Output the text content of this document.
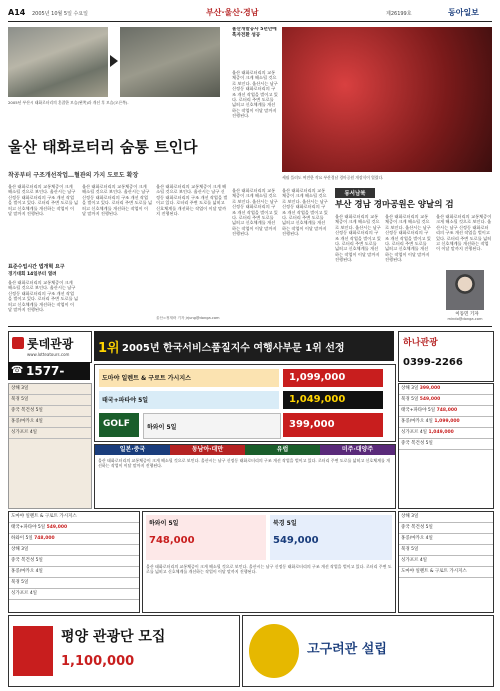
A14 2005년 10월 5일 수요일	부산·울산·경남	제26199호	동아일보
2005년 부산시 태화로터리의 혼잡한 모습(왼쪽)과 개선 후 모습(오른쪽).
울산 태화로터리 숨통 트인다
착공부터 구조개선작업…혈관의 가지 도로도 확장
울산 태화로터리의 교통체증이 크게 해소될 것으로 보인다. 울산시는 남구 신정동 태화로터리의 구조 개선 작업을 벌이고 있다. 로터리 주변 도로를 넓히고 신호체계를 개선하는 작업이 이달 말까지 진행된다.
울산 태화로터리의 교통체증이 크게 해소될 것으로 보인다. 울산시는 남구 신정동 태화로터리의 구조 개선 작업을 벌이고 있다. 로터리 주변 도로를 넓히고 신호체계를 개선하는 작업이 이달 말까지 진행된다.
울산 태화로터리의 교통체증이 크게 해소될 것으로 보인다. 울산시는 남구 신정동 태화로터리의 구조 개선 작업을 벌이고 있다. 로터리 주변 도로를 넓히고 신호체계를 개선하는 작업이 이달 말까지 진행된다.
표준수업시간 법개혁 요구
경기대회 14일부터 열려
울산 태화로터리의 교통체증이 크게 해소될 것으로 보인다. 울산시는 남구 신정동 태화로터리의 구조 개선 작업을 벌이고 있다. 로터리 주변 도로를 넓히고 신호체계를 개선하는 작업이 이달 말까지 진행된다.
울산=정재락 기자 jrjung@donga.com
울산개발공사 5년만에 흑자전환 성공
울산 태화로터리의 교통체증이 크게 해소될 것으로 보인다. 울산시는 남구 신정동 태화로터리의 구조 개선 작업을 벌이고 있다. 로터리 주변 도로를 넓히고 신호체계를 개선하는 작업이 이달 말까지 진행된다.
세필 플러도 여전한 작요 부산경남 경마공원 개장식이 열렸다.
울산 태화로터리의 교통체증이 크게 해소될 것으로 보인다. 울산시는 남구 신정동 태화로터리의 구조 개선 작업을 벌이고 있다. 로터리 주변 도로를 넓히고 신호체계를 개선하는 작업이 이달 말까지 진행된다.
울산 태화로터리의 교통체증이 크게 해소될 것으로 보인다. 울산시는 남구 신정동 태화로터리의 구조 개선 작업을 벌이고 있다. 로터리 주변 도로를 넓히고 신호체계를 개선하는 작업이 이달 말까지 진행된다.
동서남북
부산 경남 경마공원은 양날의 검
울산 태화로터리의 교통체증이 크게 해소될 것으로 보인다. 울산시는 남구 신정동 태화로터리의 구조 개선 작업을 벌이고 있다. 로터리 주변 도로를 넓히고 신호체계를 개선하는 작업이 이달 말까지 진행된다.
울산 태화로터리의 교통체증이 크게 해소될 것으로 보인다. 울산시는 남구 신정동 태화로터리의 구조 개선 작업을 벌이고 있다. 로터리 주변 도로를 넓히고 신호체계를 개선하는 작업이 이달 말까지 진행된다.
울산 태화로터리의 교통체증이 크게 해소될 것으로 보인다. 울산시는 남구 신정동 태화로터리의 구조 개선 작업을 벌이고 있다. 로터리 주변 도로를 넓히고 신호체계를 개선하는 작업이 이달 말까지 진행된다.
이동민 기자
mindo@donga.com
롯데관광
www.lotteatours.com
☎ 1577-
1위 2005년 한국서비스품질지수 여행사부문 1위 선정	하나관광
0399-2266
상해 3일
북경 5일
중국 복건성 5일
홍콩/마카오 4일
싱가포르 4일
도마야 일렌트 & 구로트 가시지스	1,099,000
태국+파타야 5일	1,049,000
GOLF	하와이 5일	399,000
상해 3일 399,000
북경 5일 549,000
태국+파타야 5일 748,000
홍콩/마카오 4일 1,099,000
싱가포르 4일 1,049,000
중국 복건성 5일
일본·중국	동남아·대만	유럽	미주·대양주
울산 태화로터리의 교통체증이 크게 해소될 것으로 보인다. 울산시는 남구 신정동 태화로터리의 구조 개선 작업을 벌이고 있다. 로터리 주변 도로를 넓히고 신호체계를 개선하는 작업이 이달 말까지 진행된다.
도마야 일렌트 & 구로트 가시지스
태국+파타야 5일 549,000
하와이 5일 748,000
상해 3일
중국 복건성 5일
홍콩/마카오 4일
북경 5일
싱가포르 4일
하와이 5일
748,000
북경 5일
549,000
울산 태화로터리의 교통체증이 크게 해소될 것으로 보인다. 울산시는 남구 신정동 태화로터리의 구조 개선 작업을 벌이고 있다. 로터리 주변 도로를 넓히고 신호체계를 개선하는 작업이 이달 말까지 진행된다.
상해 3일
중국 복건성 5일
홍콩/마카오 4일
북경 5일
싱가포르 4일
도마야 일렌트 & 구로트 가시지스
평양 관광단 모집
1,100,000
고구려관 설립
